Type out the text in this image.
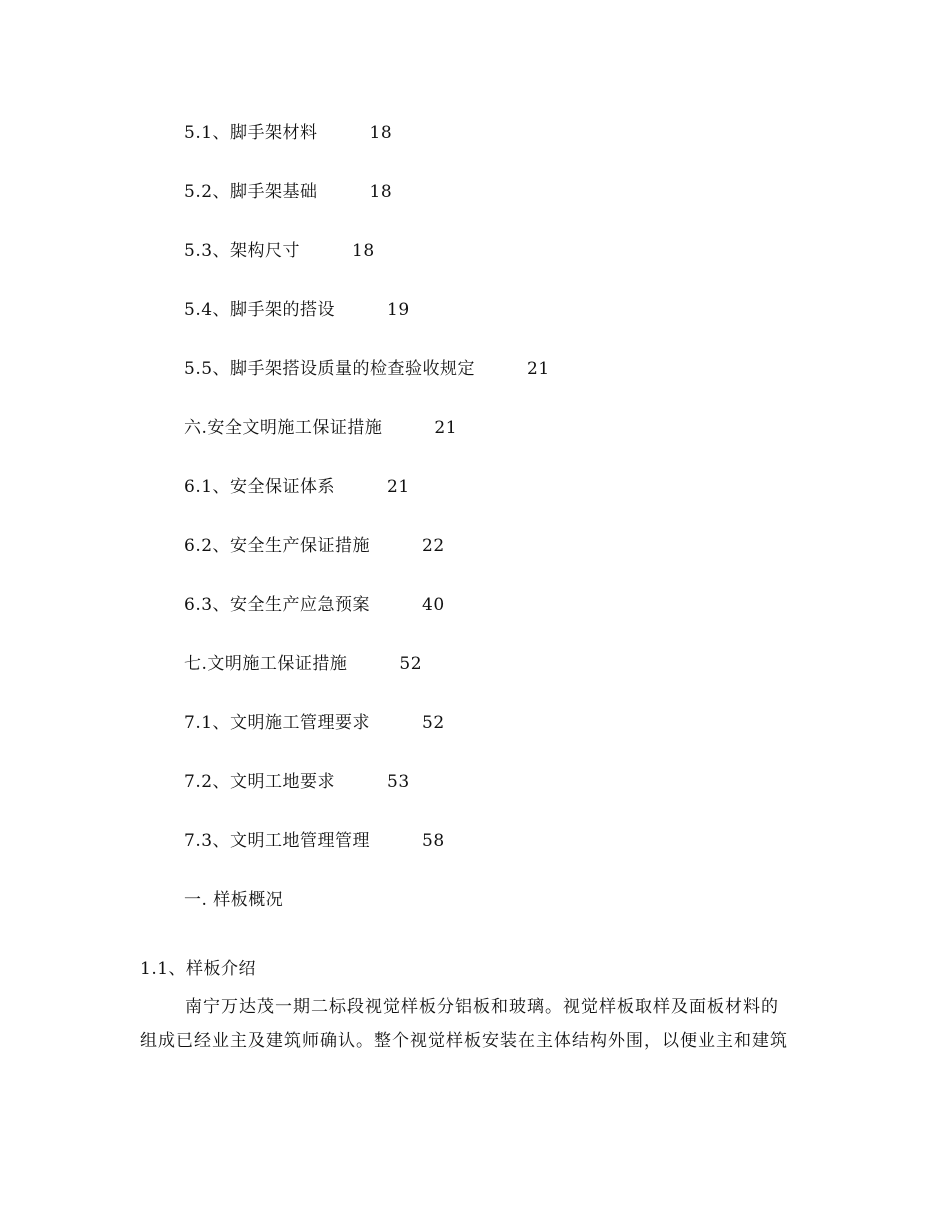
5.1、脚手架材料	18
5.2、脚手架基础	18
5.3、架构尺寸	18
5.4、脚手架的搭设	19
5.5、脚手架搭设质量的检查验收规定	21
六.安全文明施工保证措施	21
6.1、安全保证体系	21
6.2、安全生产保证措施	22
6.3、安全生产应急预案	40
七.文明施工保证措施	52
7.1、文明施工管理要求	52
7.2、文明工地要求	53
7.3、文明工地管理管理	58
一. 样板概况
1.1、样板介绍
南宁万达茂一期二标段视觉样板分铝板和玻璃。视觉样板取样及面板材料的
组成已经业主及建筑师确认。整个视觉样板安装在主体结构外围，以便业主和建筑
